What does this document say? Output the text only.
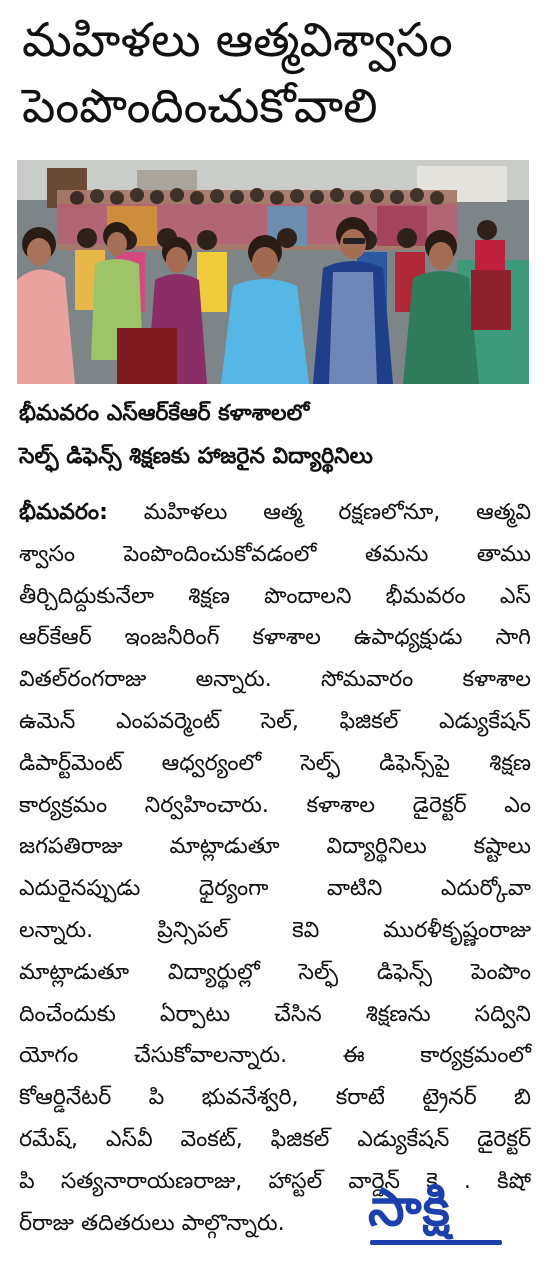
మహిళలు ఆత్మవిశ్వాసం
పెంపొందించుకోవాలి

భీమవరం ఎస్ఆర్‌కేఆర్ కళాశాలలో
సెల్ఫ్ డిఫెన్స్ శిక్షణకు హాజరైన విద్యార్థినిలు

భీమవరం: మహిళలు ఆత్మ రక్షణలోనూ, ఆత్మవి
శ్వాసం పెంపొందించుకోవడంలో తమను తాము
తీర్చిదిద్దుకునేలా శిక్షణ పొందాలని భీమవరం ఎస్
ఆర్‌కేఆర్ ఇంజనీరింగ్ కళాశాల ఉపాధ్యక్షుడు సాగి
వితల్‌రంగరాజు అన్నారు. సోమవారం కళాశాల
ఉమెన్ ఎంపవర్మెంట్ సెల్, ఫిజికల్ ఎడ్యుకేషన్
డిపార్ట్‌మెంట్ ఆధ్వర్యంలో సెల్ఫ్ డిఫెన్స్‌పై శిక్షణ
కార్యక్రమం నిర్వహించారు. కళాశాల డైరెక్టర్ ఎం
జగపతిరాజు మాట్లాడుతూ విద్యార్థినిలు కష్టాలు
ఎదురైనప్పుడు ధైర్యంగా వాటిని ఎదుర్కోవా
లన్నారు. ప్రిన్సిపల్ కెవి మురళీకృష్ణంరాజు
మాట్లాడుతూ విద్యార్థుల్లో సెల్ఫ్ డిఫెన్స్ పెంపొం
దించేందుకు ఏర్పాటు చేసిన శిక్షణను సద్విని
యోగం చేసుకోవాలన్నారు. ఈ కార్యక్రమంలో
కోఆర్డినేటర్ పి భువనేశ్వరి, కరాటే ట్రైనర్ బి
రమేష్, ఎస్‌వీ వెంకట్, ఫిజికల్ ఎడ్యుకేషన్ డైరెక్టర్
పి సత్యనారాయణరాజు, హాస్టల్ వార్డెన్ కె . కిషో
ర్‌రాజు తదితరులు పాల్గొన్నారు.	సాక్షి
